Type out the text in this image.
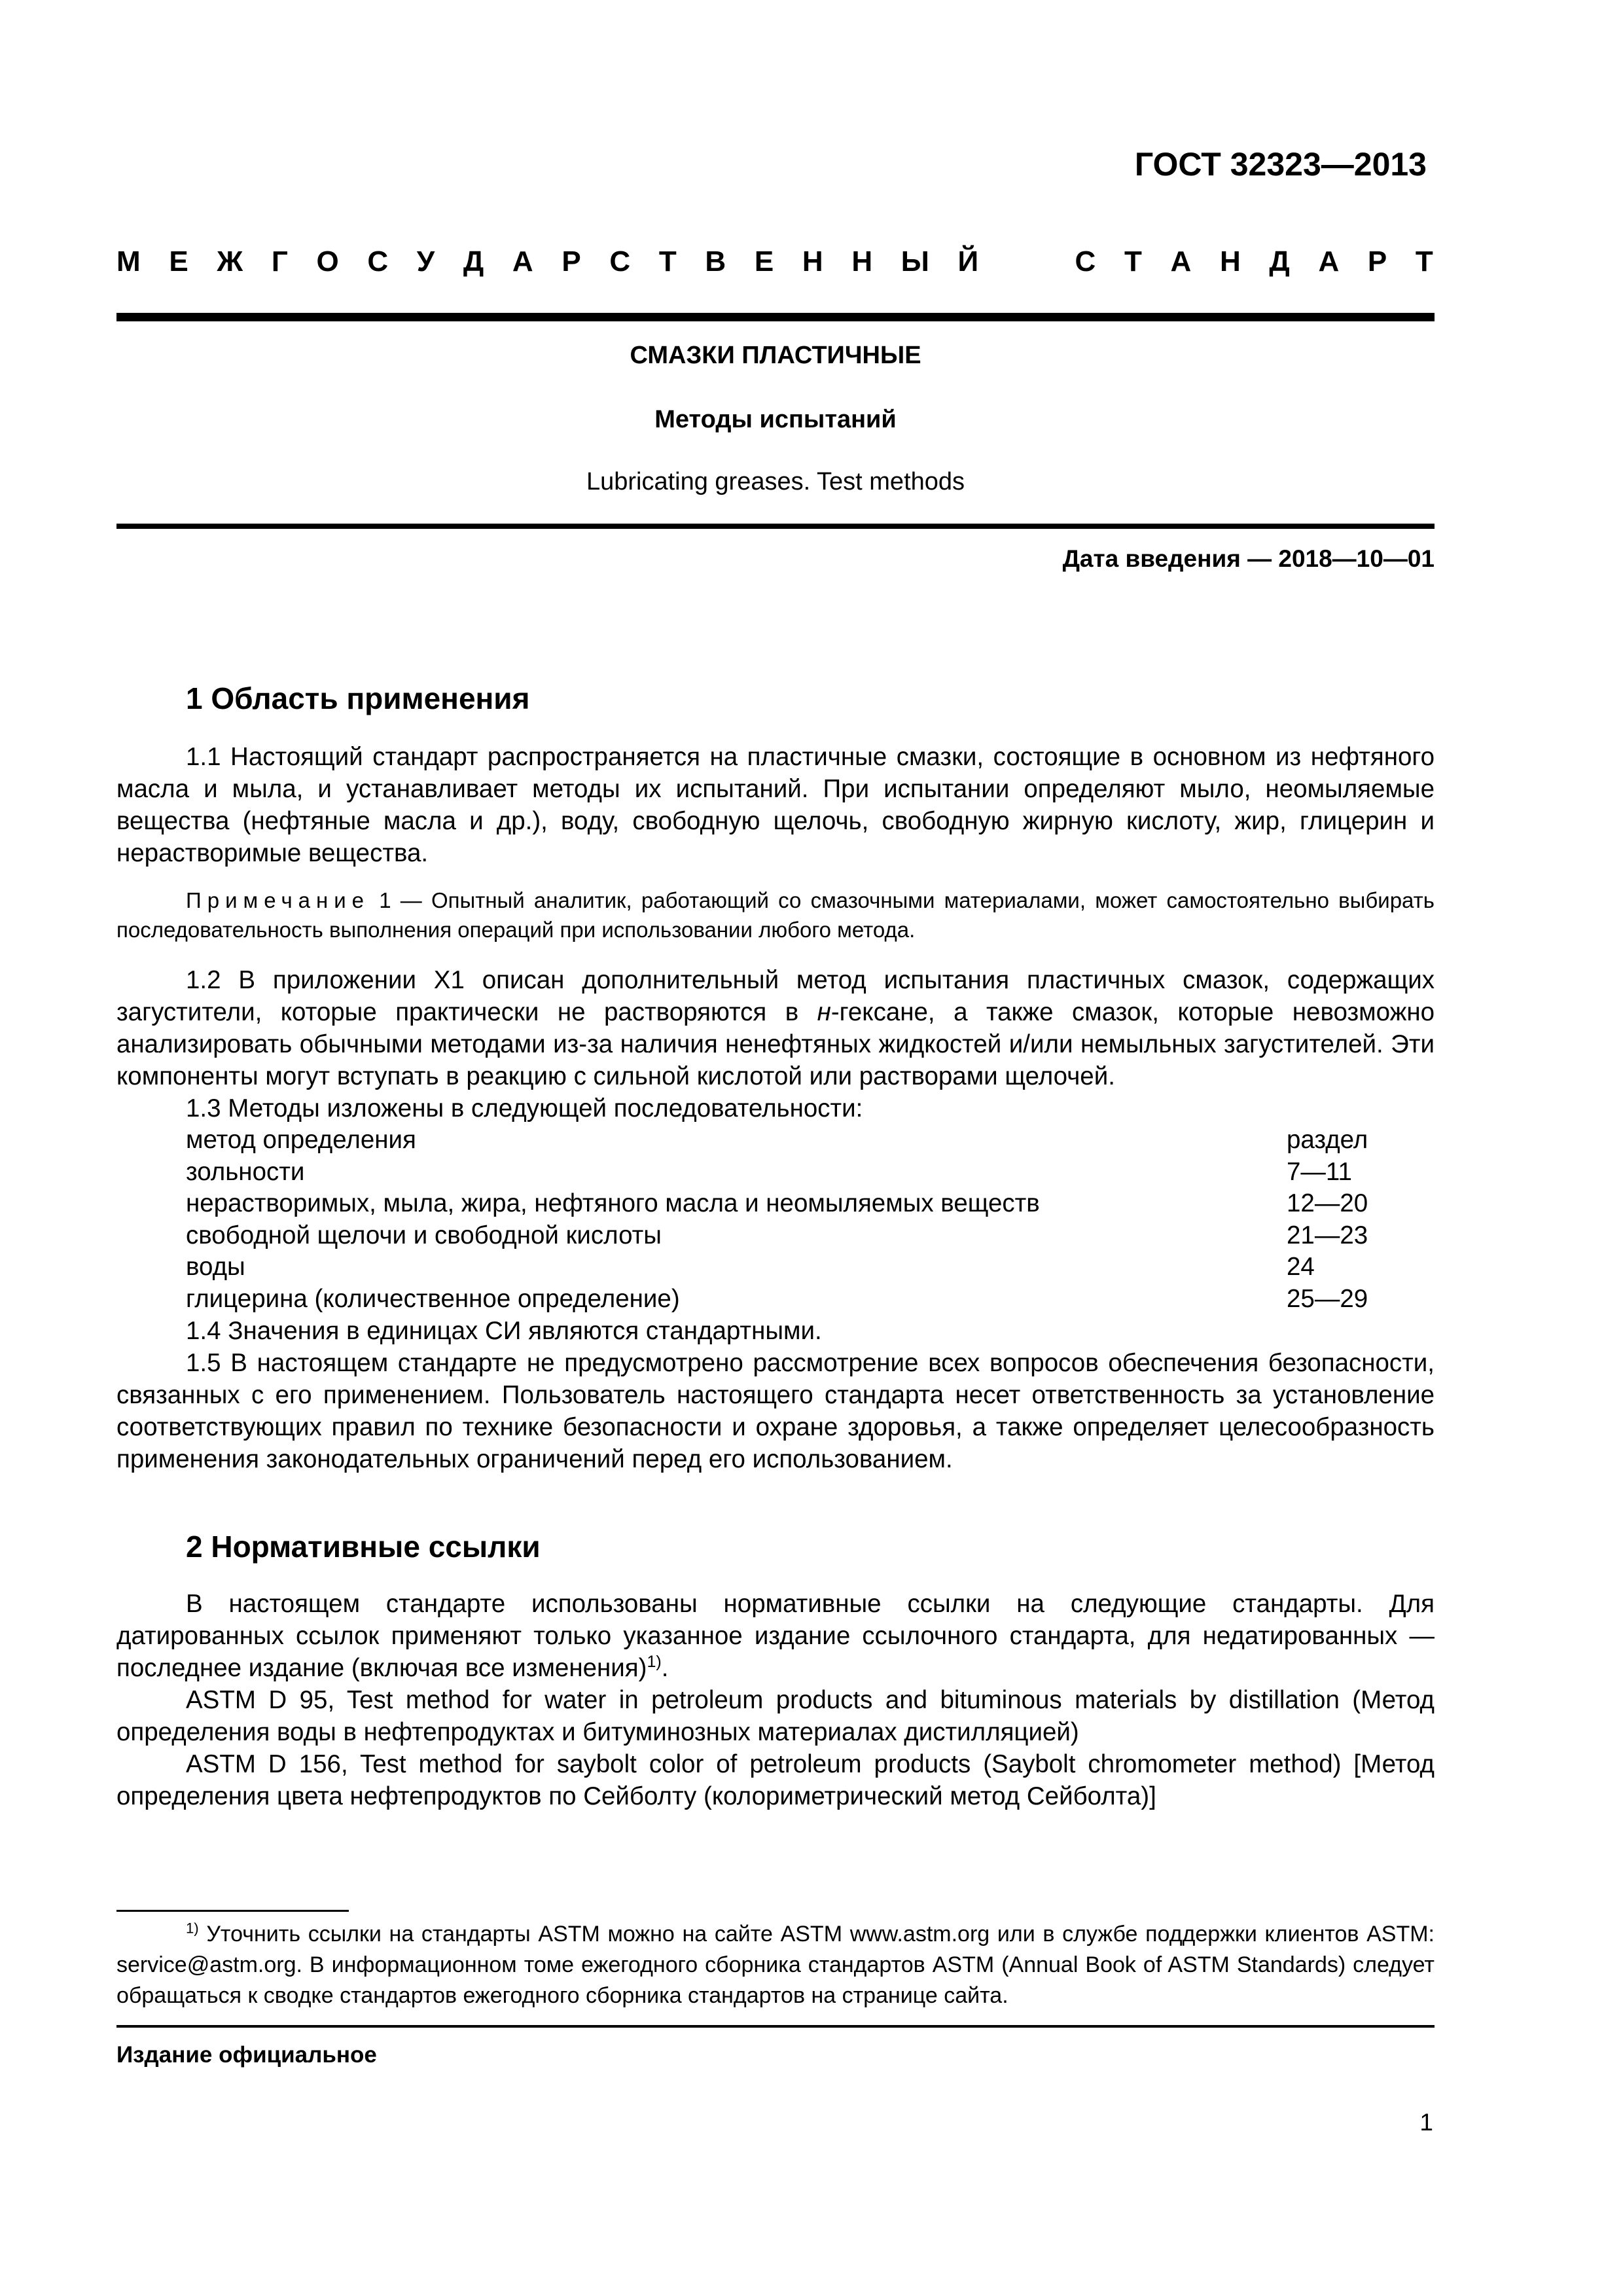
ГОСТ 32323—2013
М Е Ж Г О С У Д А Р С Т В Е Н Н Ы Й	С Т А Н Д А Р Т
СМАЗКИ ПЛАСТИЧНЫЕ
Методы испытаний
Lubricating greases. Test methods
Дата введения — 2018—10—01
1 Область применения

1.1 Настоящий стандарт распространяется на пластичные смазки, состоящие в основном из нефтяного масла и мыла, и устанавливает методы их испытаний. При испытании определяют мыло, неомыляемые вещества (нефтяные масла и др.), воду, свободную щелочь, свободную жирную кислоту, жир, глицерин и нерастворимые вещества.

Примечание 1 — Опытный аналитик, работающий со смазочными материалами, может самостоятельно выбирать последовательность выполнения операций при использовании любого метода.

1.2 В приложении X1 описан дополнительный метод испытания пластичных смазок, содержащих загустители, которые практически не растворяются в н-гексане, а также смазок, которые невозможно анализировать обычными методами из-за наличия ненефтяных жидкостей и/или немыльных загустителей. Эти компоненты могут вступать в реакцию с сильной кислотой или растворами щелочей.

1.3 Методы изложены в следующей последовательности:

метод определения	раздел
зольности	7—11
нерастворимых, мыла, жира, нефтяного масла и неомыляемых веществ	12—20
свободной щелочи и свободной кислоты	21—23
воды	24
глицерина (количественное определение)	25—29

1.4 Значения в единицах СИ являются стандартными.

1.5 В настоящем стандарте не предусмотрено рассмотрение всех вопросов обеспечения безопасности, связанных с его применением. Пользователь настоящего стандарта несет ответственность за установление соответствующих правил по технике безопасности и охране здоровья, а также определяет целесообразность применения законодательных ограничений перед его использованием.

2 Нормативные ссылки

В настоящем стандарте использованы нормативные ссылки на следующие стандарты. Для датированных ссылок применяют только указанное издание ссылочного стандарта, для недатированных — последнее издание (включая все изменения)$^{1)}$.

ASTM D 95, Test method for water in petroleum products and bituminous materials by distillation (Метод определения воды в нефтепродуктах и битуминозных материалах дистилляцией)

ASTM D 156, Test method for saybolt color of petroleum products (Saybolt chromometer method) [Метод определения цвета нефтепродуктов по Сейболту (колориметрический метод Сейболта)]

$^{1)}$ Уточнить ссылки на стандарты ASTM можно на сайте ASTM www.astm.org или в службе поддержки клиентов ASTM: service@astm.org. В информационном томе ежегодного сборника стандартов ASTM (Annual Book of ASTM Standards) следует обращаться к сводке стандартов ежегодного сборника стандартов на странице сайта.

Издание официальное
1
